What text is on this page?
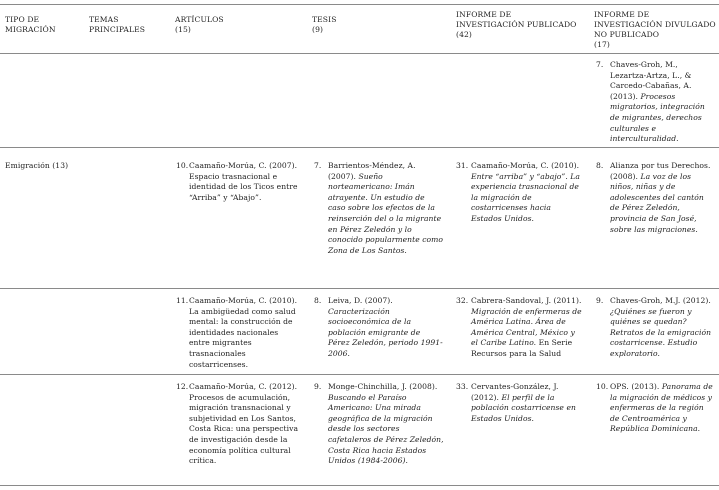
TIPO DE MIGRACIÓN
TEMAS PRINCIPALES
ARTÍCULOS
(15)
TESIS
(9)
INFORME DE INVESTIGACIÓN PUBLICADO
(42)
INFORME DE INVESTIGACIÓN DIVULGADO NO PUBLICADO
(17)
7. Chaves-Groh, M., Lezartza-Artza, L., & Carcedo-Cabañas, A. (2013). Procesos migratorios, integración de migrantes, derechos culturales e interculturalidad.
Emigración (13)	10. Caamaño-Morúa, C. (2007). Espacio trasnacional e identidad de los Ticos entre “Arriba” y “Abajo”.
7. Barrientos-Méndez, A. (2007). Sueño norteamericano: Imán atrayente. Un estudio de caso sobre los efectos de la reinserción del o la migrante en Pérez Zeledón y lo conocido popularmente como Zona de Los Santos.
31. Caamaño-Morúa, C. (2010). Entre “arriba” y “abajo”. La experiencia trasnacional de la migración de costarricenses hacia Estados Unidos.
8. Alianza por tus Derechos. (2008). La voz de los niños, niñas y de adolescentes del cantón de Pérez Zeledón, provincia de San José, sobre las migraciones.
11. Caamaño-Morúa, C. (2010). La ambigüedad como salud mental: la construcción de identidades nacionales entre migrantes trasnacionales costarricenses.
8. Leiva, D. (2007). Caracterización socioeconómica de la población emigrante de Pérez Zeledón, periodo 1991-2006.
32. Cabrera-Sandoval, J. (2011). Migración de enfermeras de América Latina. Área de América Central, México y el Caribe Latino. En Serie Recursos para la Salud
9. Chaves-Groh, M.J. (2012). ¿Quiénes se fueron y quiénes se quedan? Retratos de la emigración costarricense. Estudio exploratorio.
12. Caamaño-Morúa, C. (2012). Procesos de acumulación, migración transnacional y subjetividad en Los Santos, Costa Rica: una perspectiva de investigación desde la economía política cultural crítica.
9. Monge-Chinchilla, J. (2008). Buscando el Paraíso Americano: Una mirada geográfica de la migración desde los sectores cafetaleros de Pérez Zeledón, Costa Rica hacia Estados Unidos (1984-2006).
33. Cervantes-González, J. (2012). El perfil de la población costarricense en Estados Unidos.
10. OPS. (2013). Panorama de la migración de médicos y enfermeras de la región de Centroamérica y República Dominicana.
